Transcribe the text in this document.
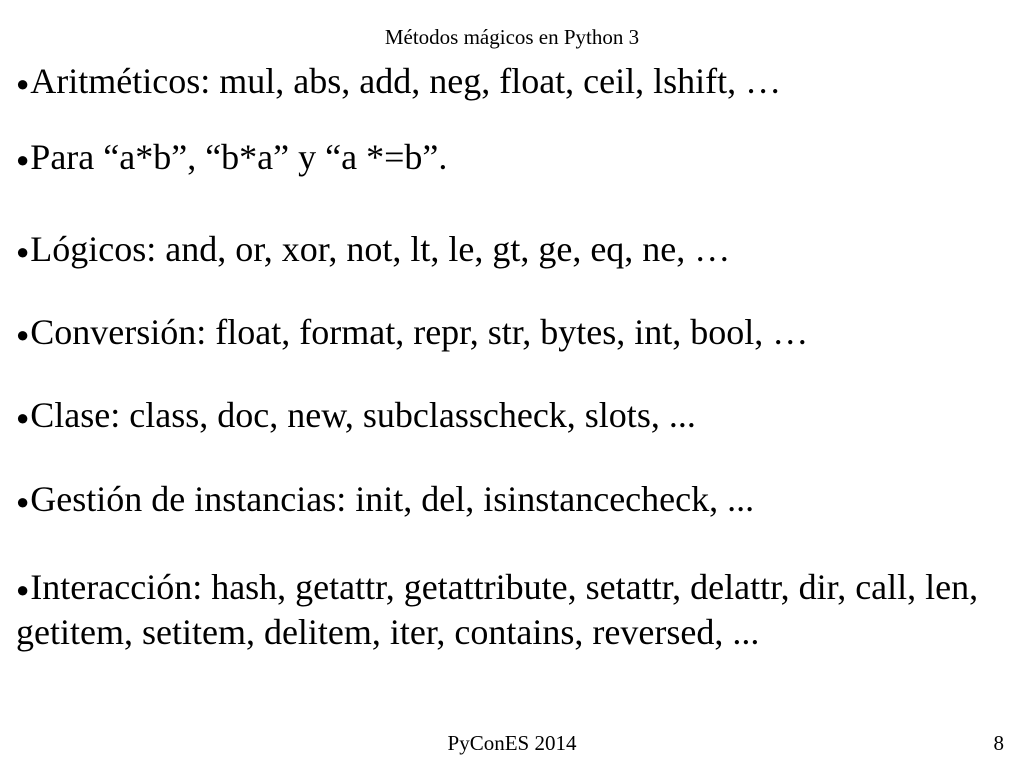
Métodos mágicos en Python 3
●Aritméticos: mul, abs, add, neg, float, ceil, lshift, …
●Para “a*b”, “b*a” y “a *=b”.
●Lógicos: and, or, xor, not, lt, le, gt, ge, eq, ne, …
●Conversión: float, format, repr, str, bytes, int, bool, …
●Clase: class, doc, new, subclasscheck, slots, ...
●Gestión de instancias: init, del, isinstancecheck, ...
●Interacción: hash, getattr, getattribute, setattr, delattr, dir, call, len, getitem, setitem, delitem, iter, contains, reversed, ...
PyConES 2014	8
